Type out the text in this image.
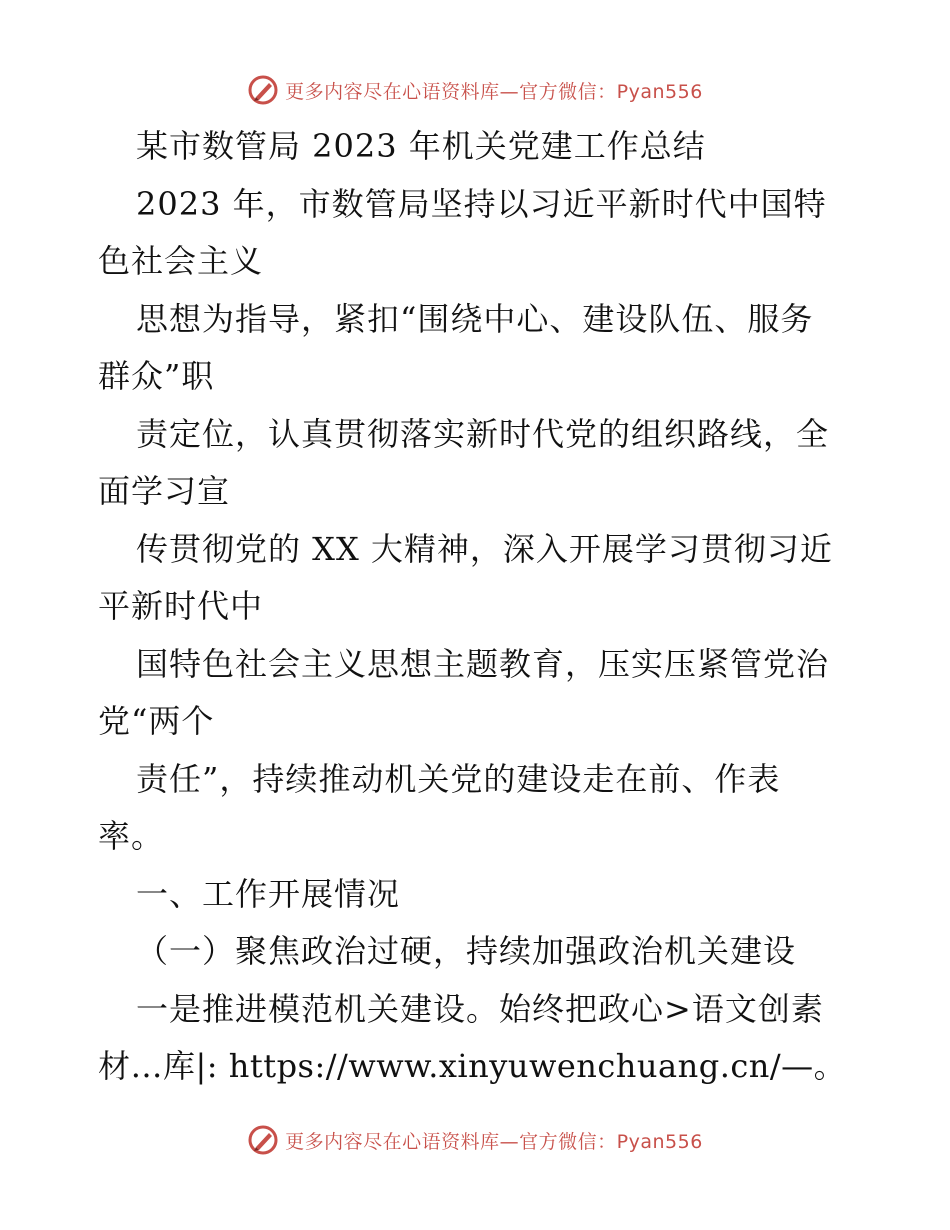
更多内容尽在心语资料库—官方微信：Pyan556
某市数管局 2023 年机关党建工作总结
2023 年，市数管局坚持以习近平新时代中国特
色社会主义
思想为指导，紧扣“围绕中心、建设队伍、服务
群众”职
责定位，认真贯彻落实新时代党的组织路线，全
面学习宣
传贯彻党的 XX 大精神，深入开展学习贯彻习近
平新时代中
国特色社会主义思想主题教育，压实压紧管党治
党“两个
责任”，持续推动机关党的建设走在前、作表
率。
一、工作开展情况
（一）聚焦政治过硬，持续加强政治机关建设
一是推进模范机关建设。始终把政心>语文创素
材…库|: https://www.xinyuwenchuang.cn/—。
更多内容尽在心语资料库—官方微信：Pyan556
